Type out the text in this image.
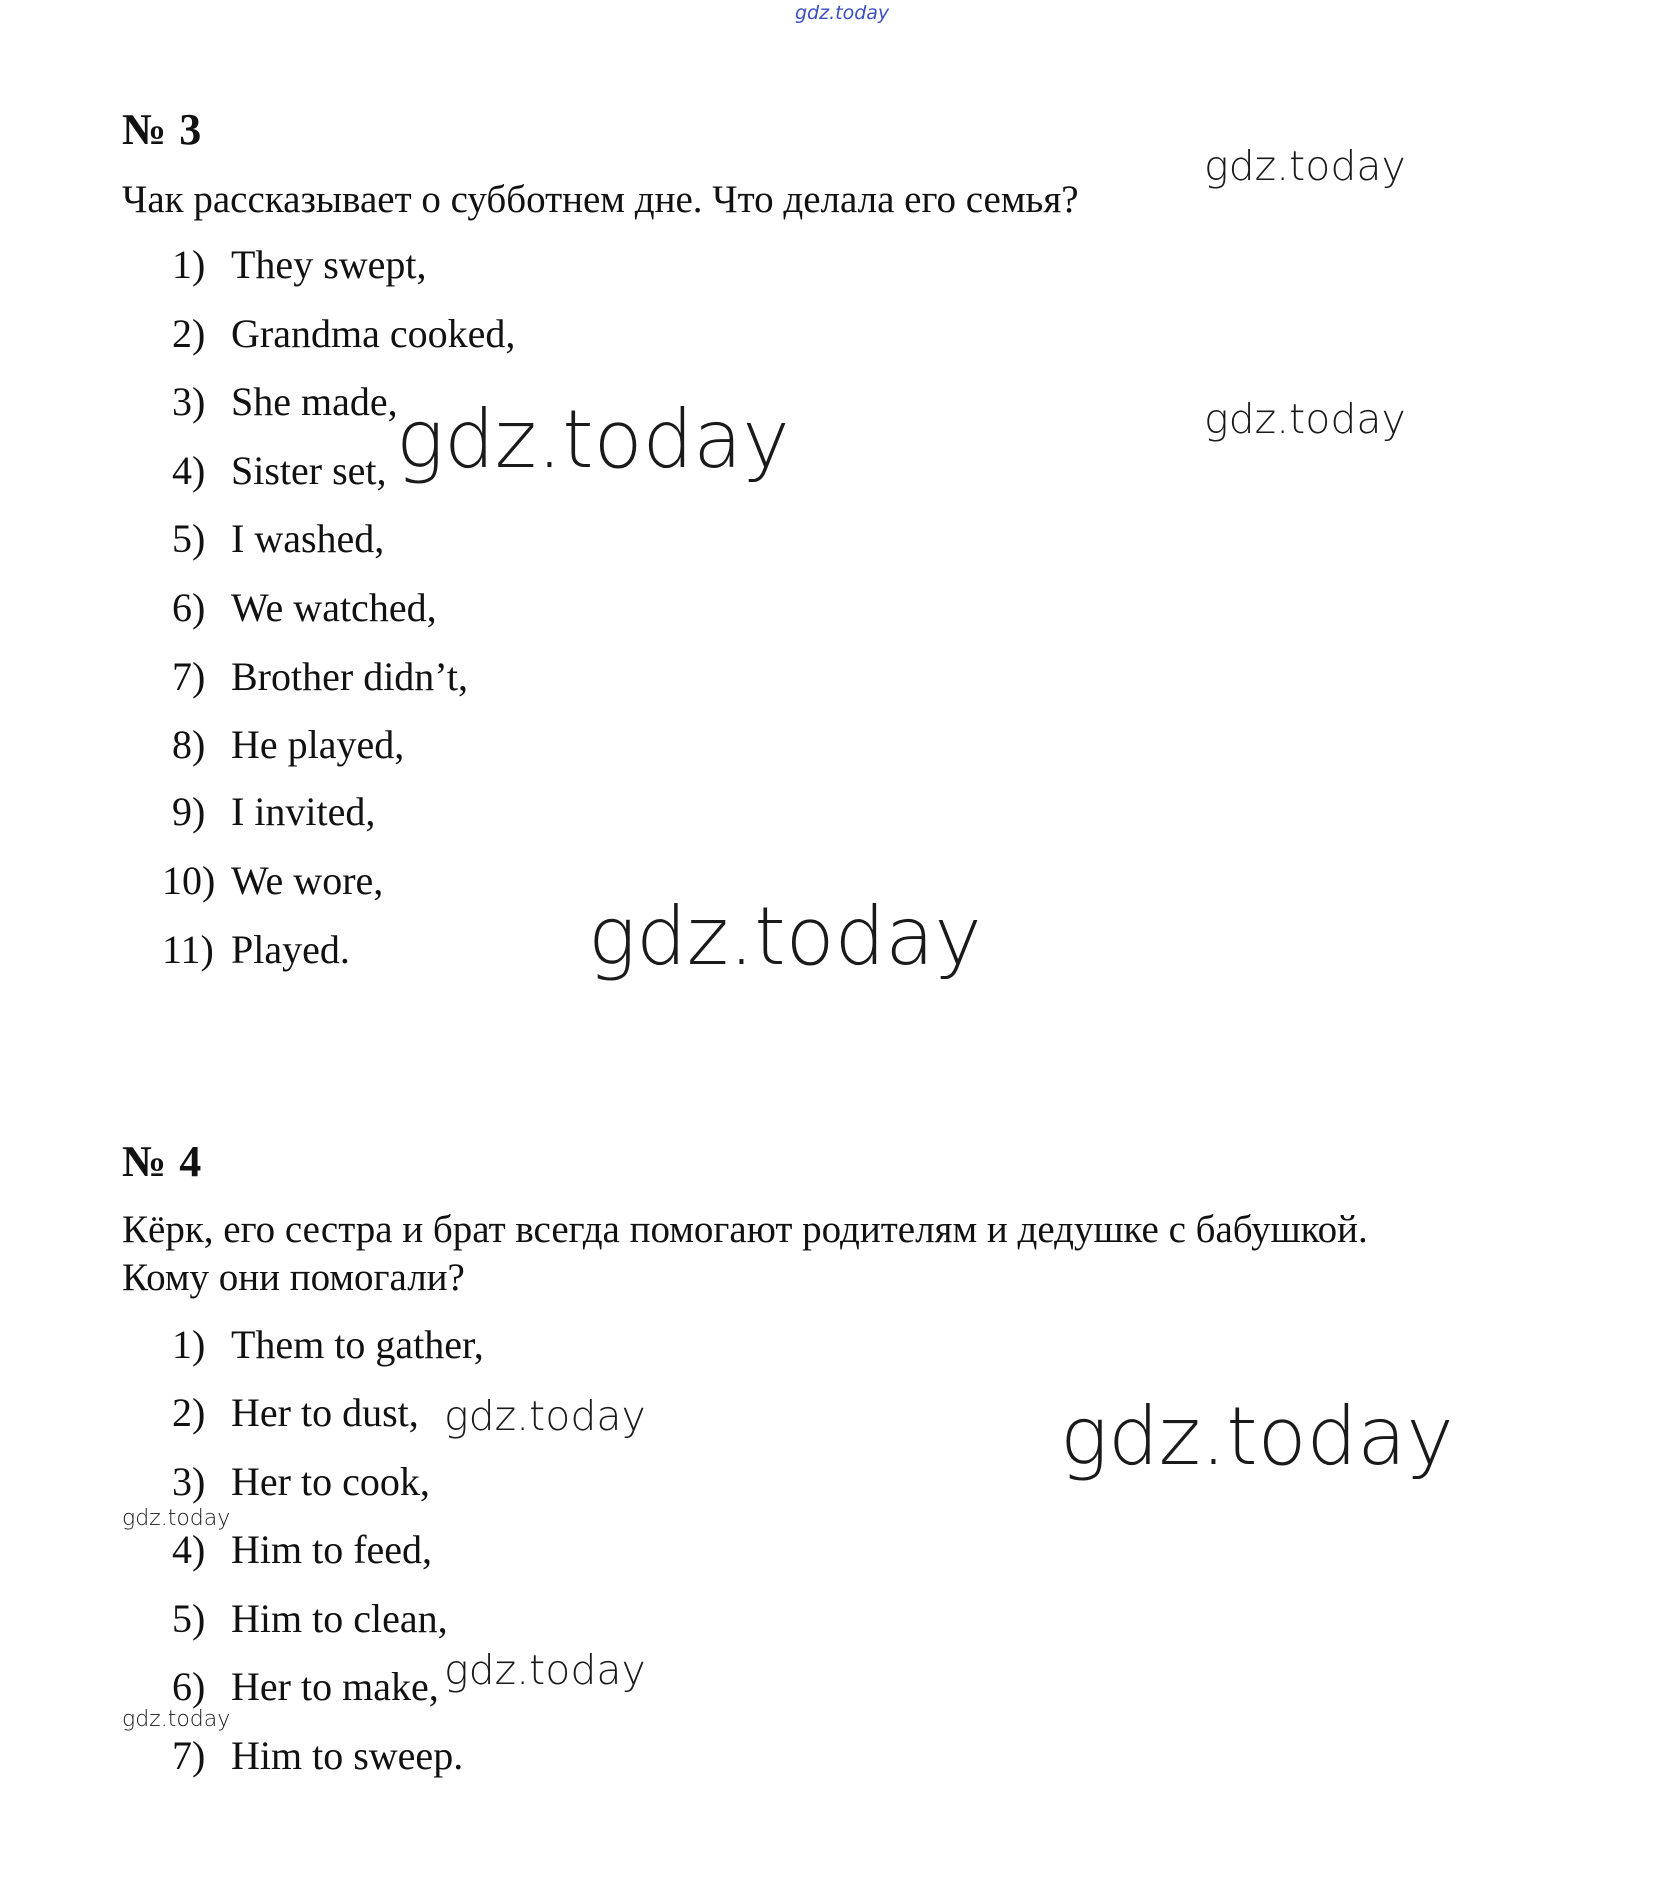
gdz.today
№ 3
Чак рассказывает о субботнем дне. Что делала его семья?
1) They swept,
2) Grandma cooked,
3) She made,
4) Sister set,
5) I washed,
6) We watched,
7) Brother didn’t,
8) He played,
9) I invited,
10) We wore,
11) Played.
№ 4
Кёрк, его сестра и брат всегда помогают родителям и дедушке с бабушкой.
Кому они помогали?
1) Them to gather,
2) Her to dust,
3) Her to cook,
4) Him to feed,
5) Him to clean,
6) Her to make,
7) Him to sweep.
gdz.today
gdz.today
gdz.today
gdz.today
gdz.today
gdz.today
gdz.today
gdz.today
gdz.today
